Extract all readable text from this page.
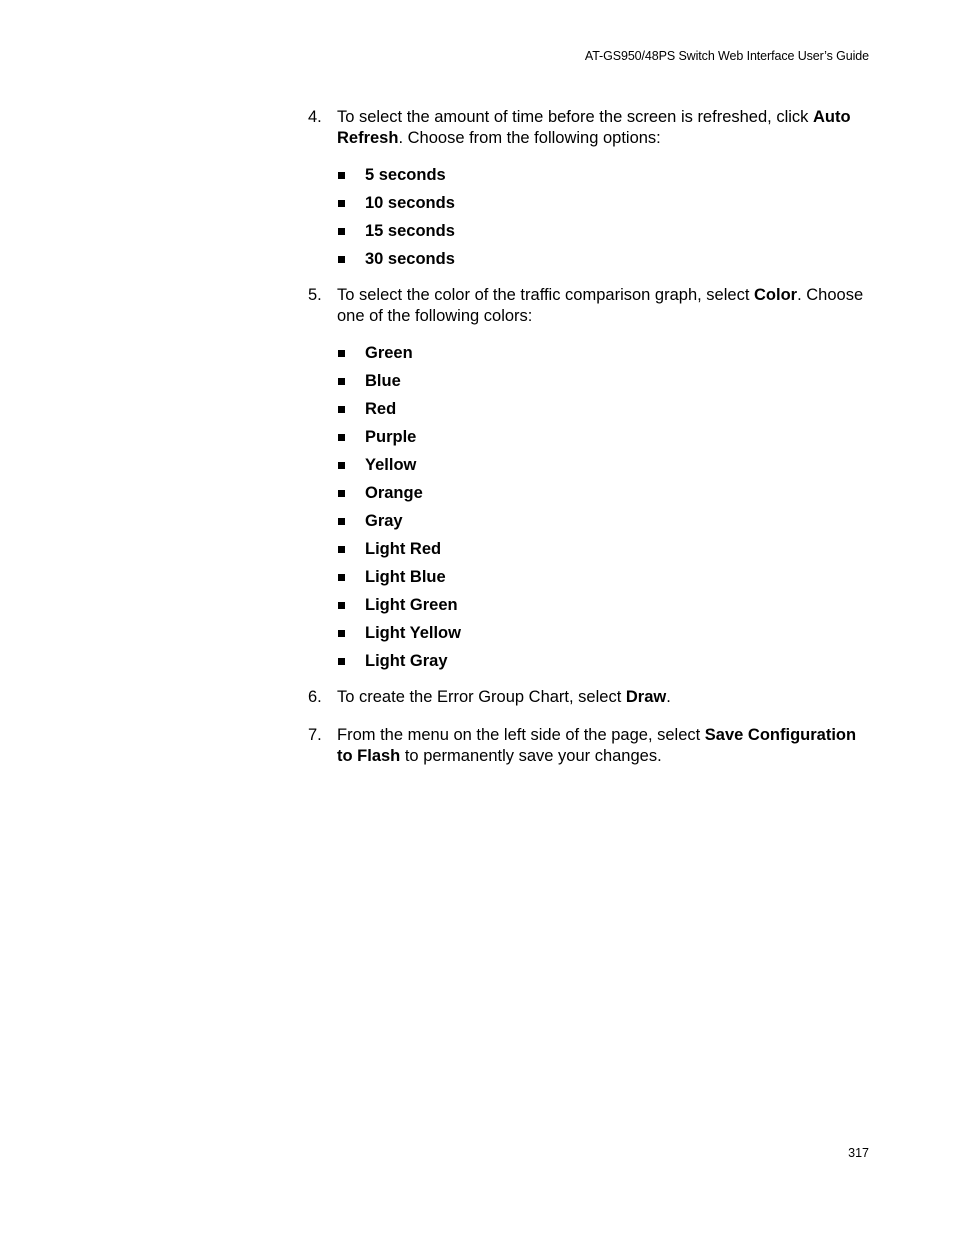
AT-GS950/48PS Switch Web Interface User’s Guide
4. To select the amount of time before the screen is refreshed, click Auto Refresh. Choose from the following options:
5 seconds
10 seconds
15 seconds
30 seconds
5. To select the color of the traffic comparison graph, select Color. Choose one of the following colors:
Green
Blue
Red
Purple
Yellow
Orange
Gray
Light Red
Light Blue
Light Green
Light Yellow
Light Gray
6. To create the Error Group Chart, select Draw.
7. From the menu on the left side of the page, select Save Configuration to Flash to permanently save your changes.
317
